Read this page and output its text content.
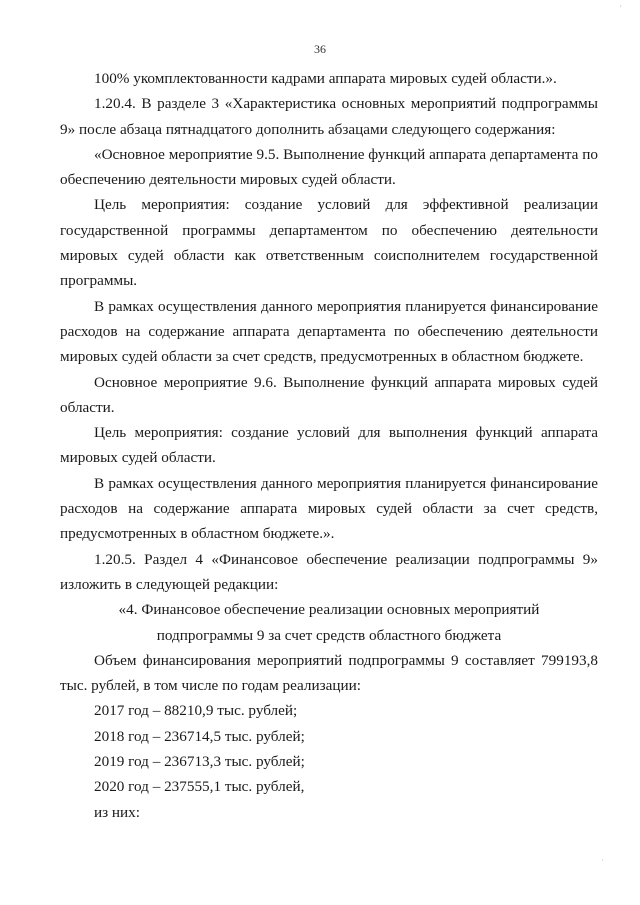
·
36

100% укомплектованности кадрами аппарата мировых судей области.».

1.20.4. В разделе 3 «Характеристика основных мероприятий подпрограммы 9» после абзаца пятнадцатого дополнить абзацами следующего содержания:

«Основное мероприятие 9.5. Выполнение функций аппарата департамента по обеспечению деятельности мировых судей области.

Цель мероприятия: создание условий для эффективной реализации государственной программы департаментом по обеспечению деятельности мировых судей области как ответственным соисполнителем государственной программы.

В рамках осуществления данного мероприятия планируется финансирование расходов на содержание аппарата департамента по обеспечению деятельности мировых судей области за счет средств, предусмотренных в областном бюджете.

Основное мероприятие 9.6. Выполнение функций аппарата мировых судей области.

Цель мероприятия: создание условий для выполнения функций аппарата мировых судей области.

В рамках осуществления данного мероприятия планируется финансирование расходов на содержание аппарата мировых судей области за счет средств, предусмотренных в областном бюджете.».

1.20.5. Раздел 4 «Финансовое обеспечение реализации подпрограммы 9» изложить в следующей редакции:

«4. Финансовое обеспечение реализации основных мероприятий

подпрограммы 9 за счет средств областного бюджета

Объем финансирования мероприятий подпрограммы 9 составляет 799193,8 тыс. рублей, в том числе по годам реализации:

2017 год – 88210,9 тыс. рублей;

2018 год – 236714,5 тыс. рублей;

2019 год – 236713,3 тыс. рублей;

2020 год – 237555,1 тыс. рублей,

из них:

·
